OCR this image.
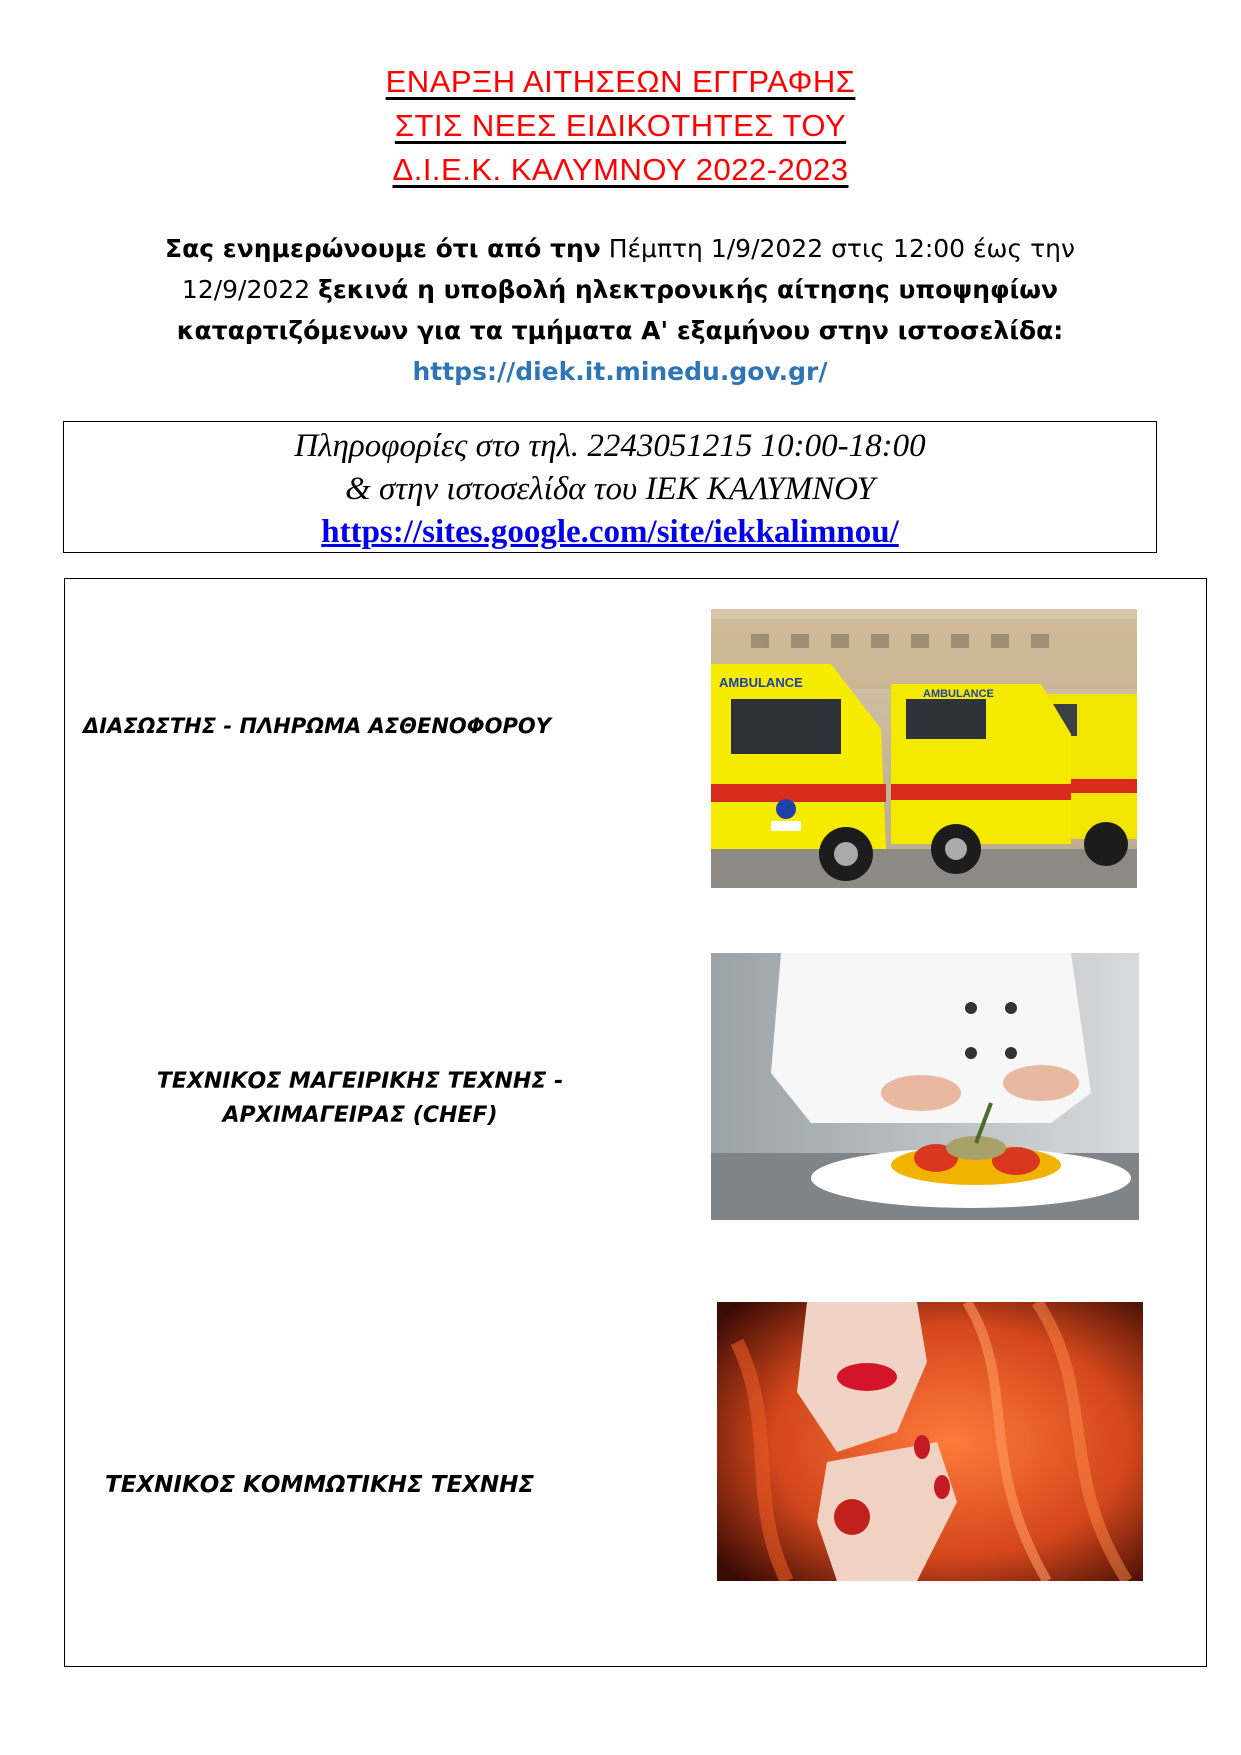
ΕΝΑΡΞΗ ΑΙΤΗΣΕΩΝ ΕΓΓΡΑΦΗΣ

ΣΤΙΣ ΝΕΕΣ ΕΙΔΙΚΟΤΗΤΕΣ ΤΟΥ

Δ.Ι.Ε.Κ. ΚΑΛΥΜΝΟΥ 2022-2023

Σας ενημερώνουμε ότι από την Πέμπτη 1/9/2022 στις 12:00 έως την 12/9/2022 ξεκινά η υποβολή ηλεκτρονικής αίτησης υποψηφίων καταρτιζόμενων για τα τμήματα Α' εξαμήνου στην ιστοσελίδα: https://diek.it.minedu.gov.gr/
Πληροφορίες στο τηλ. 2243051215 10:00-18:00
& στην ιστοσελίδα του ΙΕΚ ΚΑΛΥΜΝΟΥ
https://sites.google.com/site/iekkalimnou/
ΔΙΑΣΩΣΤΗΣ - ΠΛΗΡΩΜΑ ΑΣΘΕΝΟΦΟΡΟΥ
ΤΕΧΝΙΚΟΣ ΜΑΓΕΙΡΙΚΗΣ ΤΕΧΝΗΣ - ΑΡΧΙΜΑΓΕΙΡΑΣ (CHEF)
ΤΕΧΝΙΚΟΣ ΚΟΜΜΩΤΙΚΗΣ ΤΕΧΝΗΣ
AMBULANCE
AMBULANCE
